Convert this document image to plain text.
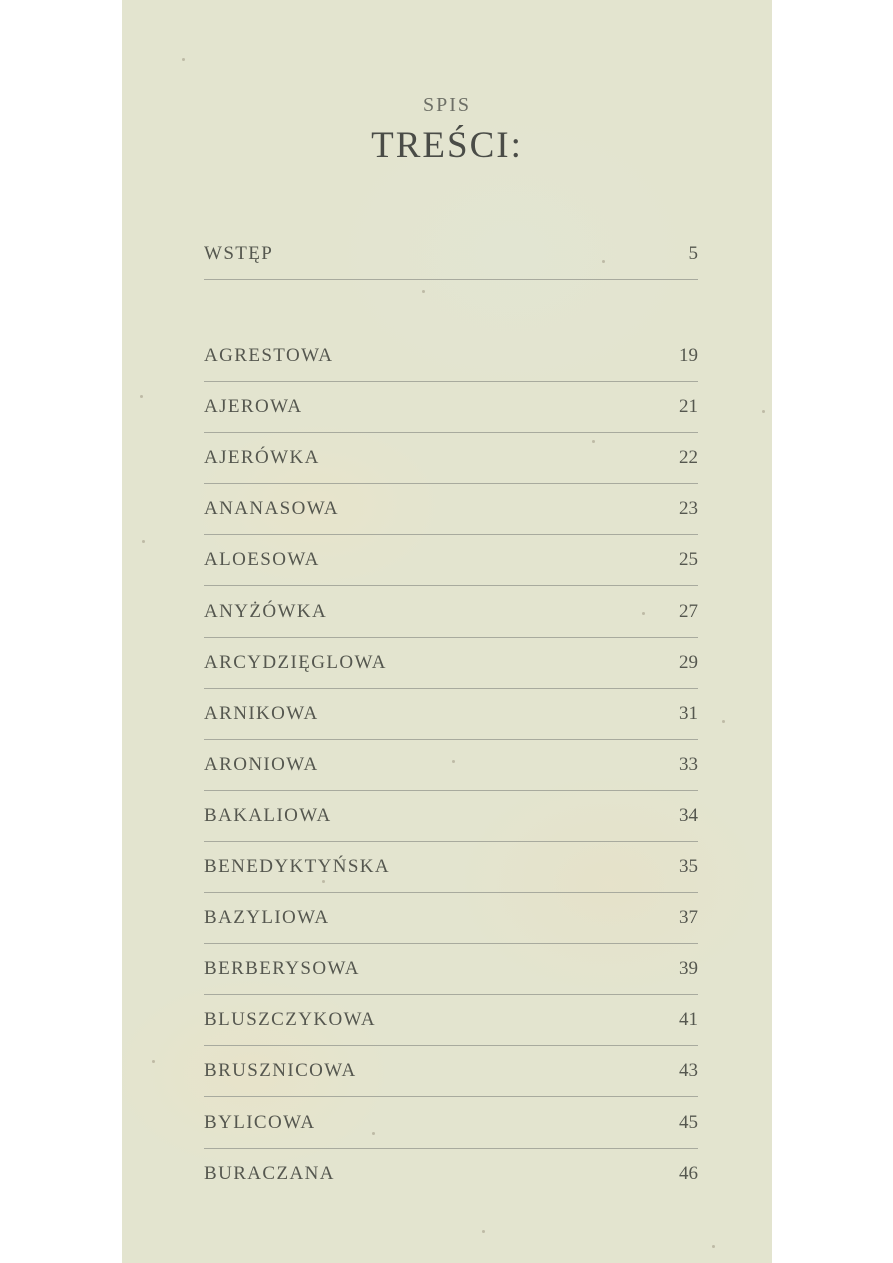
SPIS
TREŚCI:
WSTĘP	5
AGRESTOWA	19
AJEROWA	21
AJERÓWKA	22
ANANASOWA	23
ALOESOWA	25
ANYŻÓWKA	27
ARCYDZIĘGLOWA	29
ARNIKOWA	31
ARONIOWA	33
BAKALIOWA	34
BENEDYKTYŃSKA	35
BAZYLIOWA	37
BERBERYSOWA	39
BLUSZCZYKOWA	41
BRUSZNICOWA	43
BYLICOWA	45
BURACZANA	46
